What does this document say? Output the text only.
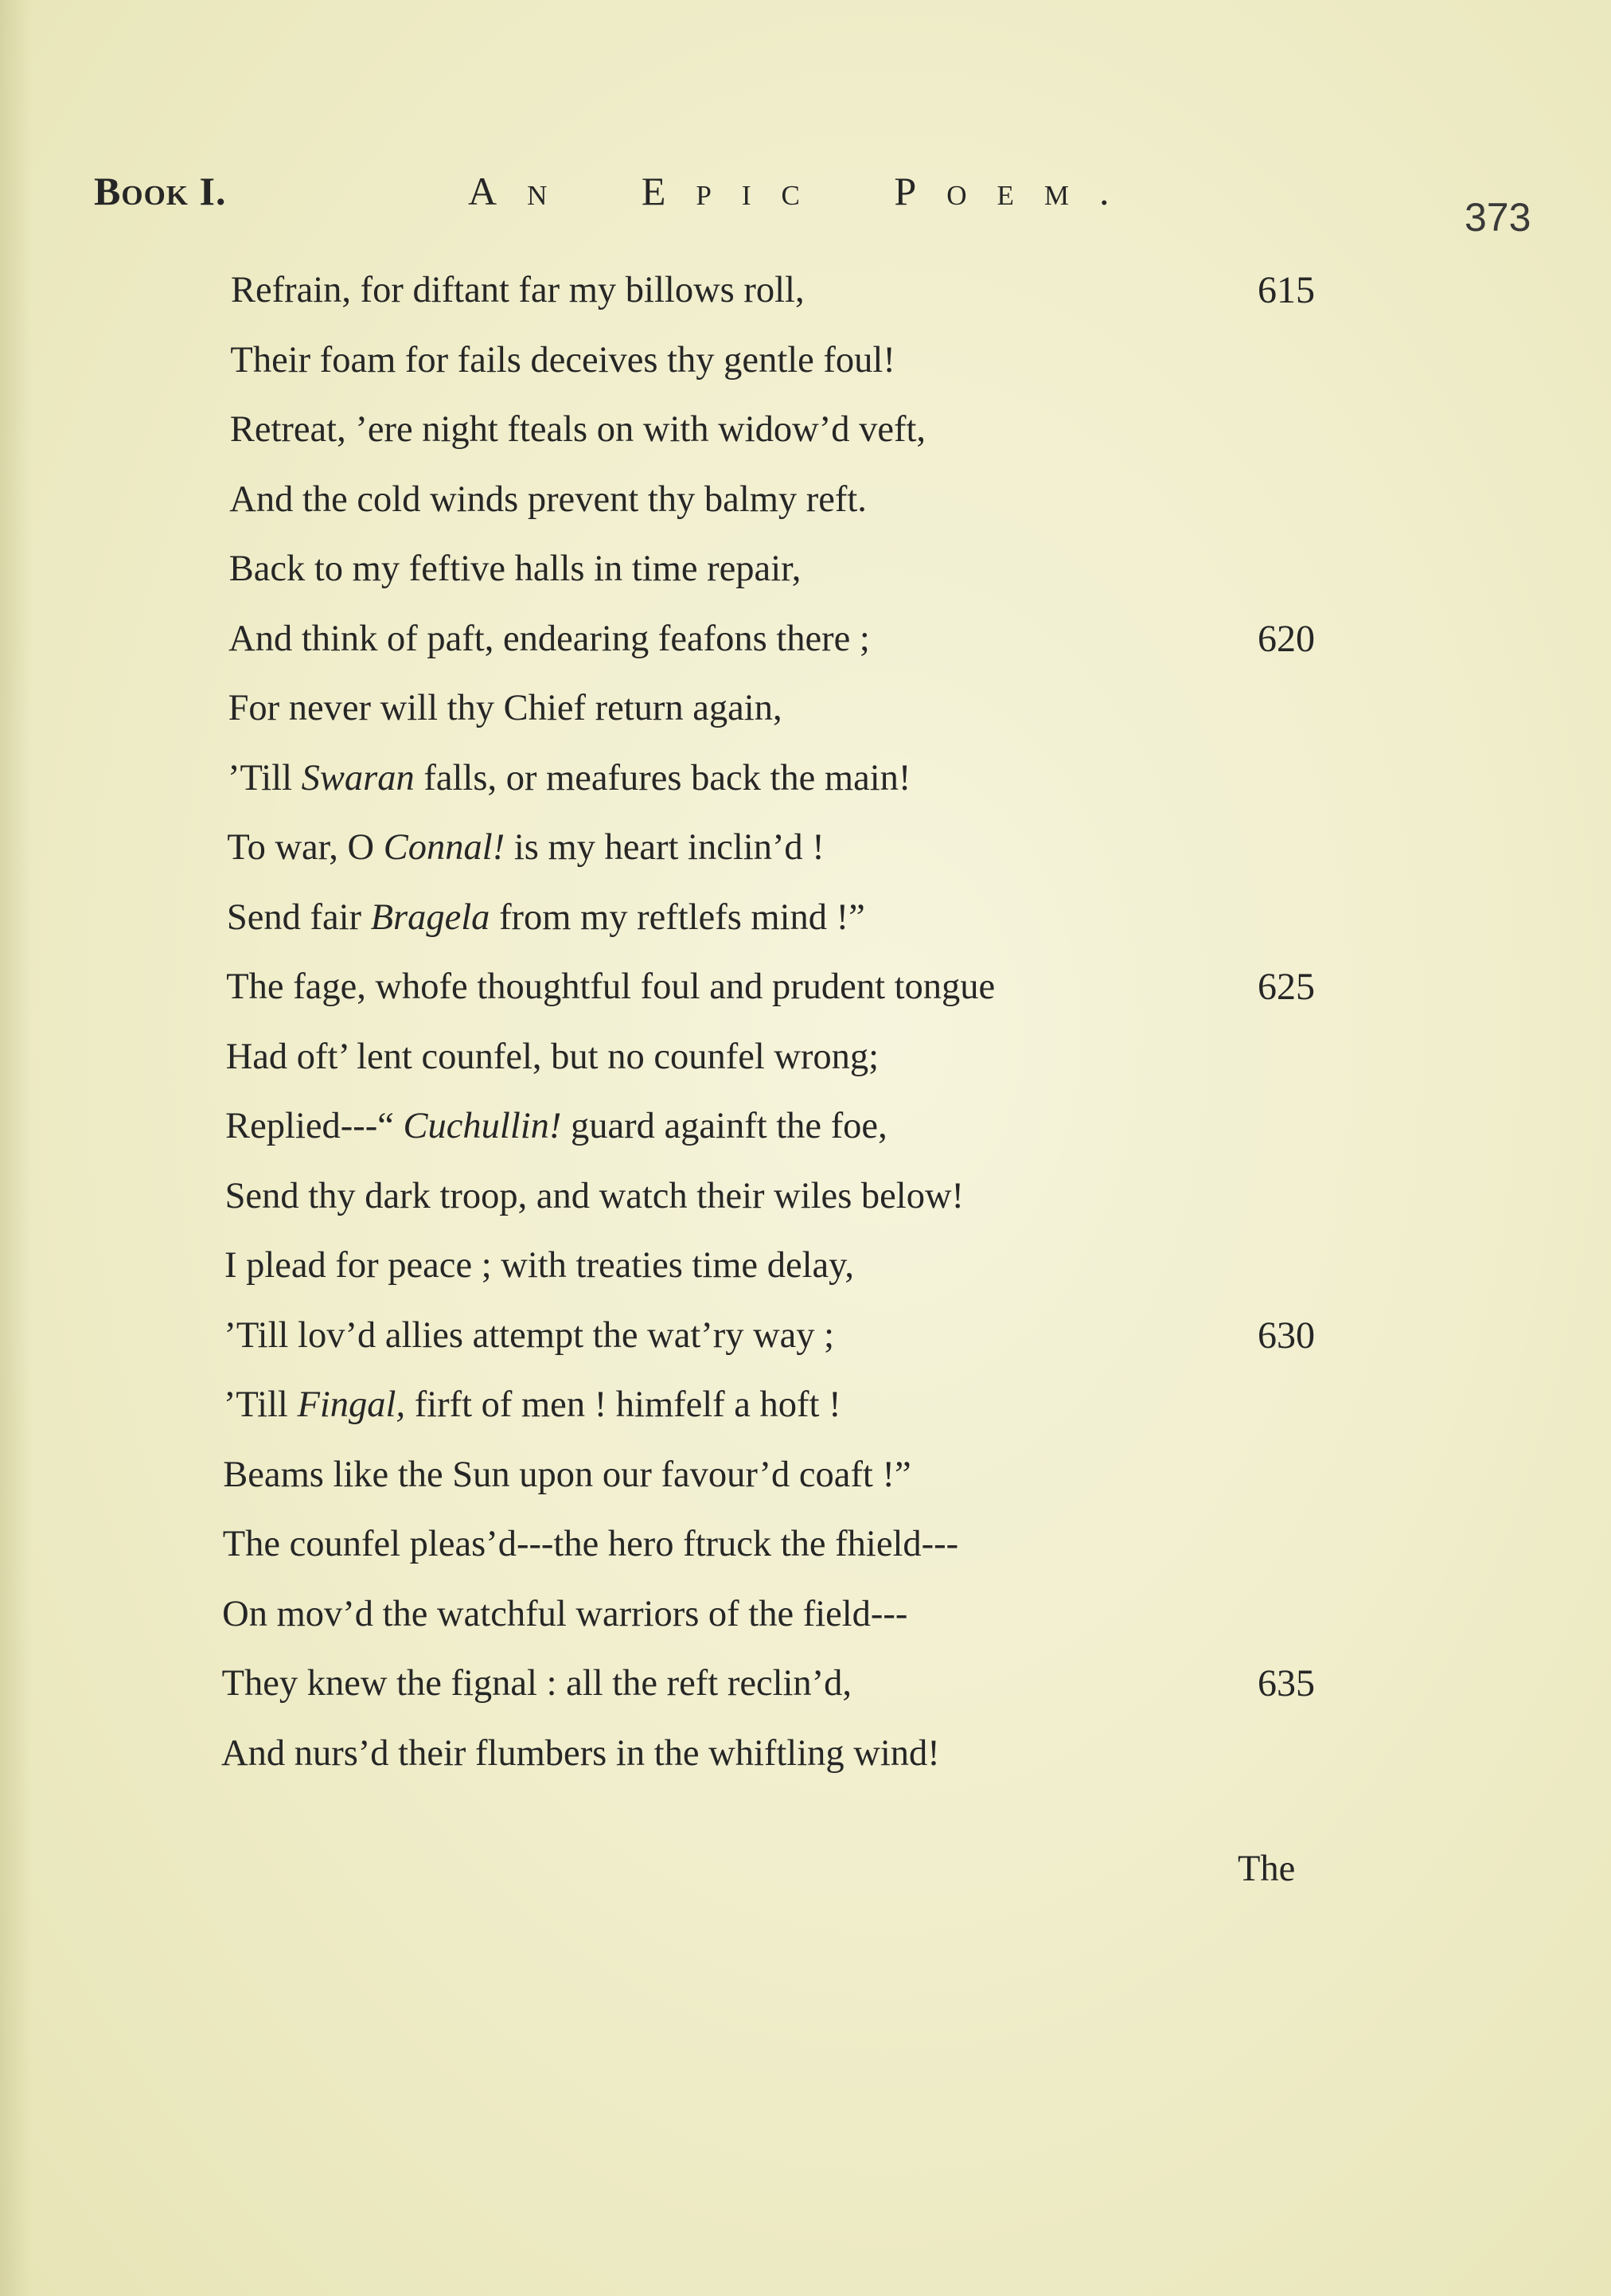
Book I.	An Epic Poem.
373
Refrain, for diftant far my billows roll,	615
Their foam for fails deceives thy gentle foul!
Retreat, ’ere night fteals on with widow’d veft,
And the cold winds prevent thy balmy reft.
Back to my feftive halls in time repair,
And think of paft, endearing feafons there ;	620
For never will thy Chief return again,
’Till Swaran falls, or meafures back the main!
To war, O Connal! is my heart inclin’d !
Send fair Bragela from my reftlefs mind !”
The fage, whofe thoughtful foul and prudent tongue	625
Had oft’ lent counfel, but no counfel wrong;
Replied---“ Cuchullin! guard againft the foe,
Send thy dark troop, and watch their wiles below!
I plead for peace ; with treaties time delay,
’Till lov’d allies attempt the wat’ry way ;	630
’Till Fingal, firft of men ! himfelf a hoft !
Beams like the Sun upon our favour’d coaft !”
The counfel pleas’d---the hero ftruck the fhield---
On mov’d the watchful warriors of the field---
They knew the fignal : all the reft reclin’d,	635
And nurs’d their flumbers in the whiftling wind!
The
